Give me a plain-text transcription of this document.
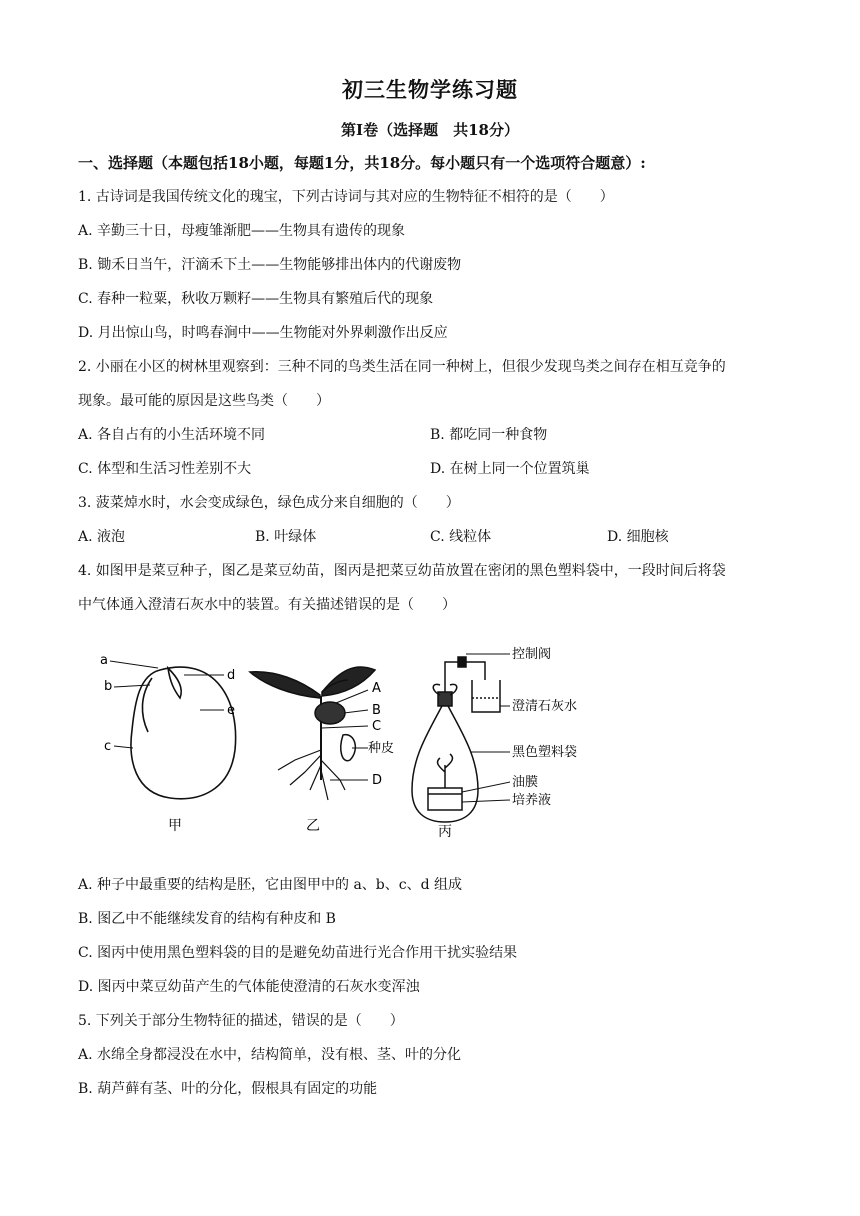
初三生物学练习题
第Ⅰ卷（选择题　共18分）
一、选择题（本题包括18小题，每题1分，共18分。每小题只有一个选项符合题意）:
1. 古诗词是我国传统文化的瑰宝，下列古诗词与其对应的生物特征不相符的是（　　）
A. 辛勤三十日，母瘦雏渐肥——生物具有遗传的现象
B. 锄禾日当午，汗滴禾下土——生物能够排出体内的代谢废物
C. 春种一粒粟，秋收万颗籽——生物具有繁殖后代的现象
D. 月出惊山鸟，时鸣春涧中——生物能对外界刺激作出反应
2. 小丽在小区的树林里观察到：三种不同的鸟类生活在同一种树上，但很少发现鸟类之间存在相互竞争的
现象。最可能的原因是这些鸟类（　　）
A. 各自占有的小生活环境不同	B. 都吃同一种食物
C. 体型和生活习性差别不大	D. 在树上同一个位置筑巢
3. 菠菜焯水时，水会变成绿色，绿色成分来自细胞的（　　）
A. 液泡	B. 叶绿体	C. 线粒体	D. 细胞核
4. 如图甲是菜豆种子，图乙是菜豆幼苗，图丙是把菜豆幼苗放置在密闭的黑色塑料袋中，一段时间后将袋
中气体通入澄清石灰水中的装置。有关描述错误的是（　　）
a
b
c
d
e
甲
A
B
C
种皮
D
乙
控制阀
澄清石灰水
黑色塑料袋
油膜
培养液
丙
A. 种子中最重要的结构是胚，它由图甲中的 a、b、c、d 组成
B. 图乙中不能继续发育的结构有种皮和 B
C. 图丙中使用黑色塑料袋的目的是避免幼苗进行光合作用干扰实验结果
D. 图丙中菜豆幼苗产生的气体能使澄清的石灰水变浑浊
5. 下列关于部分生物特征的描述，错误的是（　　）
A. 水绵全身都浸没在水中，结构简单，没有根、茎、叶的分化
B. 葫芦藓有茎、叶的分化，假根具有固定的功能
